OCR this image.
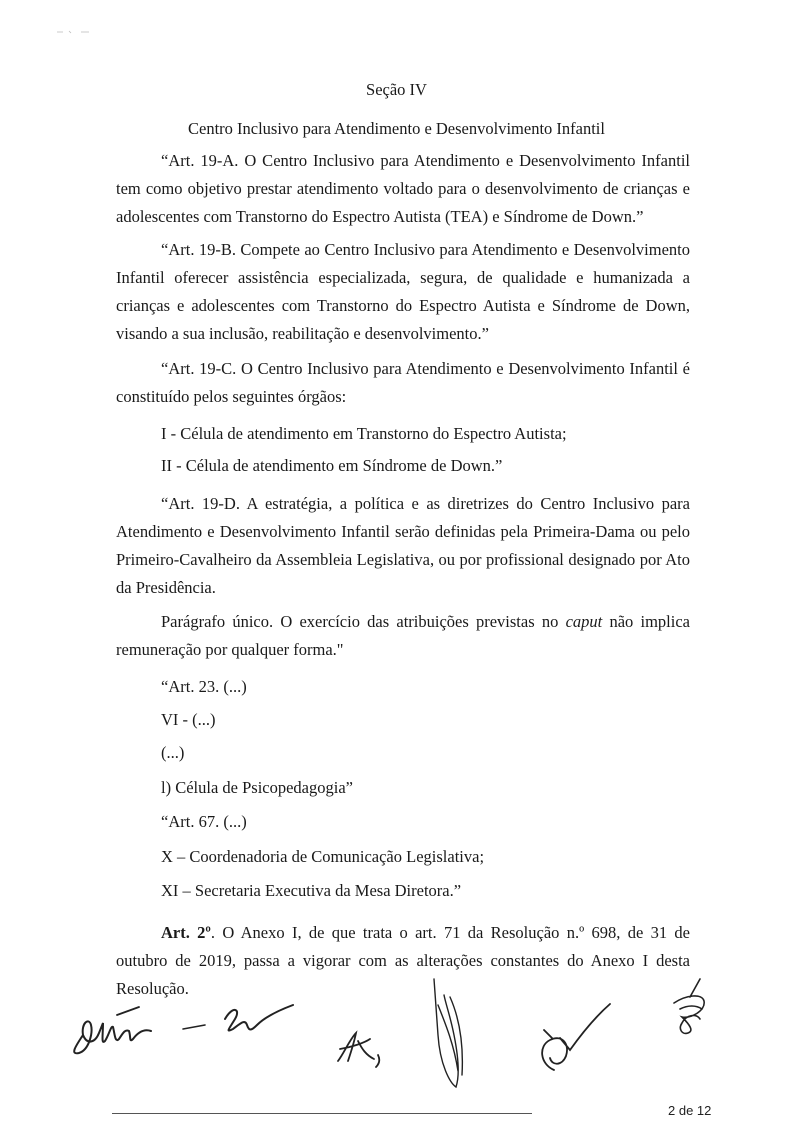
Seção IV
Centro Inclusivo para Atendimento e Desenvolvimento Infantil

“Art. 19-A. O Centro Inclusivo para Atendimento e Desenvolvimento Infantil tem como objetivo prestar atendimento voltado para o desenvolvimento de crianças e adolescentes com Transtorno do Espectro Autista (TEA) e Síndrome de Down.”

“Art. 19-B. Compete ao Centro Inclusivo para Atendimento e Desenvolvimento Infantil oferecer assistência especializada, segura, de qualidade e humanizada a crianças e adolescentes com Transtorno do Espectro Autista e Síndrome de Down, visando a sua inclusão, reabilitação e desenvolvimento.”

“Art. 19-C. O Centro Inclusivo para Atendimento e Desenvolvimento Infantil é constituído pelos seguintes órgãos:

I - Célula de atendimento em Transtorno do Espectro Autista;
II - Célula de atendimento em Síndrome de Down.”

“Art. 19-D. A estratégia, a política e as diretrizes do Centro Inclusivo para Atendimento e Desenvolvimento Infantil serão definidas pela Primeira-Dama ou pelo Primeiro-Cavalheiro da Assembleia Legislativa, ou por profissional designado por Ato da Presidência.

Parágrafo único. O exercício das atribuições previstas no caput não implica remuneração por qualquer forma."

“Art. 23. (...)
VI - (...)
(...)
l) Célula de Psicopedagogia”
“Art. 67. (...)
X – Coordenadoria de Comunicação Legislativa;
XI – Secretaria Executiva da Mesa Diretora.”

Art. 2º. O Anexo I, de que trata o art. 71 da Resolução n.º 698, de 31 de outubro de 2019, passa a vigorar com as alterações constantes do Anexo I desta Resolução.

2 de 12
